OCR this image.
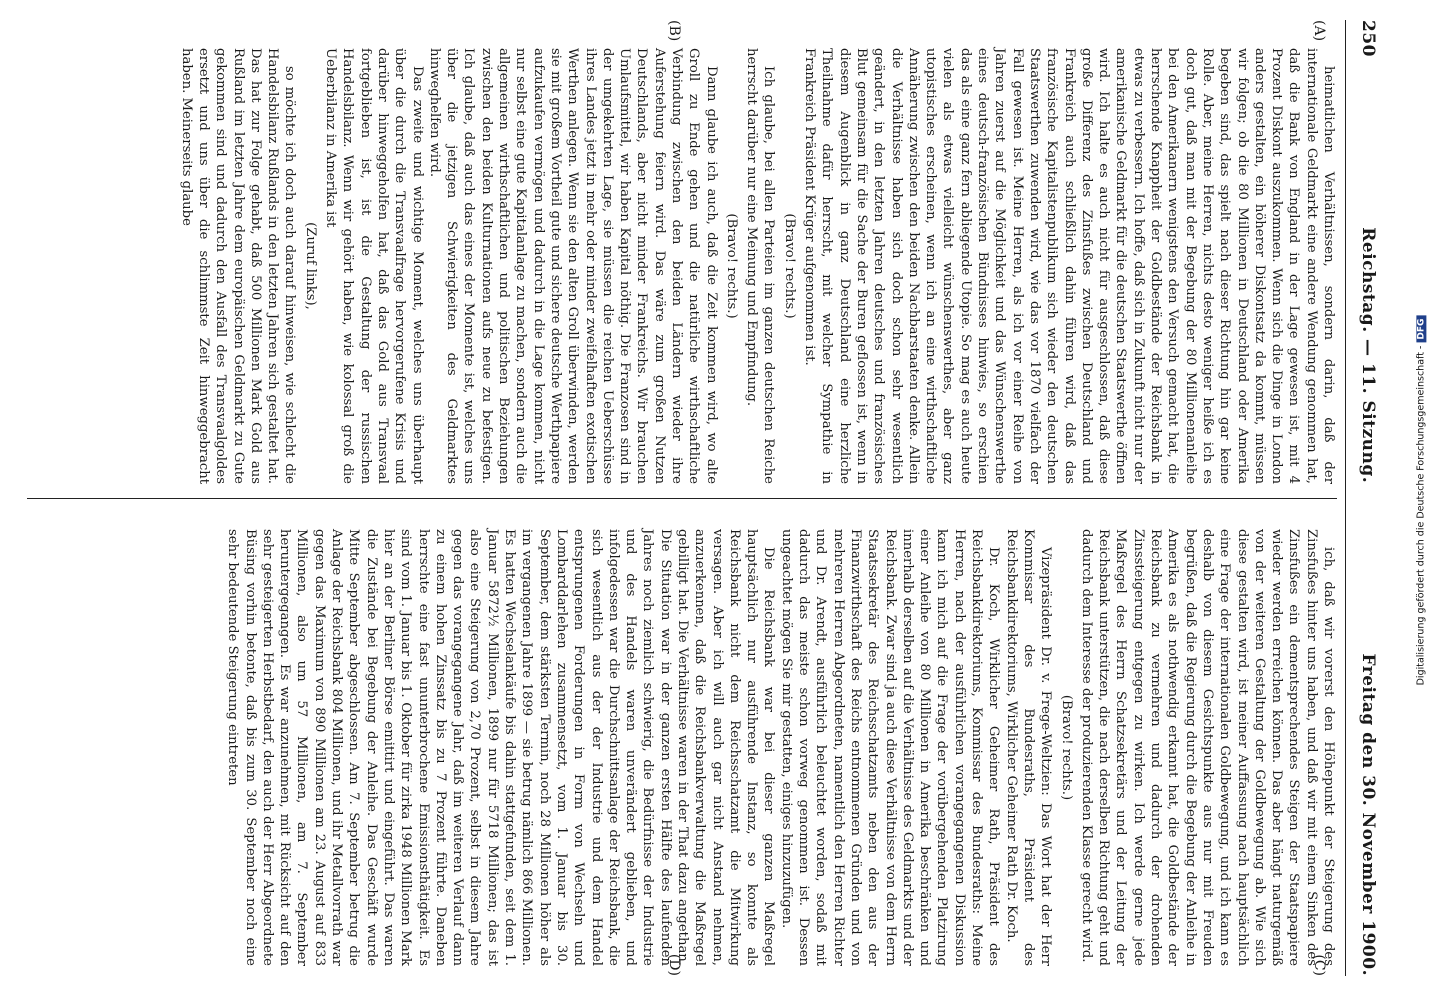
250
Reichstag. — 11. Sitzung.
Freitag den 30. November 1900.
(A)
(B)

heimatlichen Verhältnissen, sondern darin, daß der internationale Geldmarkt eine andere Wendung genommen hat, daß die Bank von England in der Lage gewesen ist, mit 4 Prozent Diskont auszukommen. Wenn sich die Dinge in London anders gestalten, ein höherer Diskontsatz da kommt, müssen wir folgen; ob die 80 Millionen in Deutschland oder Amerika begeben sind, das spielt nach dieser Richtung hin gar keine Rolle. Aber, meine Herren, nichts desto weniger heiße ich es doch gut, daß man mit der Begebung der 80 Millionenanleihe bei den Amerikanern wenigstens den Versuch gemacht hat, die herrschende Knappheit der Goldbestände der Reichsbank in etwas zu verbessern. Ich hoffe, daß sich in Zukunft nicht nur der amerikanische Geldmarkt für die deutschen Staatswerthe öffnen wird. Ich halte es auch nicht für ausgeschlossen, daß diese große Differenz des Zinsfußes zwischen Deutschland und Frankreich auch schließlich dahin führen wird, daß das französische Kapitalistenpublikum sich wieder den deutschen Staatswerthen zuwenden wird, wie das vor 1870 vielfach der Fall gewesen ist. Meine Herren, als ich vor einer Reihe von Jahren zuerst auf die Möglichkeit und das Wünschenswerthe eines deutsch-französischen Bündnisses hinwies, so erschien das als eine ganz fern abliegende Utopie. So mag es auch heute vielen als etwas vielleicht wünschenswerthes, aber ganz utopistisches erscheinen, wenn ich an eine wirthschaftliche Annäherung zwischen den beiden Nachbarstaaten denke. Allein die Verhältnisse haben sich doch schon sehr wesentlich geändert, in den letzten Jahren deutsches und französisches Blut gemeinsam für die Sache der Buren geflossen ist, wenn in diesem Augenblick in ganz Deutschland eine herzliche Theilnahme dafür herrscht, mit welcher Sympathie in Frankreich Präsident Krüger aufgenommen ist.

(Bravo! rechts.)

Ich glaube, bei allen Parteien im ganzen deutschen Reiche herrscht darüber nur eine Meinung und Empfindung.

(Bravo! rechts.)

Dann glaube ich auch, daß die Zeit kommen wird, wo alte Groll zu Ende gehen und die natürliche wirthschaftliche Verbindung zwischen den beiden Ländern wieder ihre Auferstehung feiern wird. Das wäre zum großen Nutzen Deutschlands, aber nicht minder Frankreichs. Wir brauchen Umlaufsmittel, wir haben Kapital nöthig. Die Franzosen sind in der umgekehrten Lage, sie müssen die reichen Ueberschüsse ihres Landes jetzt in mehr oder minder zweifelhaften exotischen Werthen anlegen. Wenn sie den alten Groll überwinden, werden sie mit großem Vortheil gute und sichere deutsche Werthpapiere aufzukaufen vermögen und dadurch in die Lage kommen, nicht nur selbst eine gute Kapitalanlage zu machen, sondern auch die allgemeinen wirthschaftlichen und politischen Beziehungen zwischen den beiden Kulturnationen aufs neue zu befestigen. Ich glaube, daß auch das eines der Momente ist, welches uns über die jetzigen Schwierigkeiten des Geldmarktes hinweghelfen wird.

Das zweite und wichtige Moment, welches uns überhaupt über die durch die Transvaalfrage hervorgerufene Krisis und darüber hinweggeholfen hat, daß das Gold aus Transvaal fortgeblieben ist, ist die Gestaltung der russischen Handelsbilanz. Wenn wir gehört haben, wie kolossal groß die Ueberbilanz in Amerika ist

(Zuruf links),

so möchte ich doch auch darauf hinweisen, wie schlecht die Handelsbilanz Rußlands in den letzten Jahren sich gestaltet hat. Das hat zur Folge gehabt, daß 500 Millionen Mark Gold aus Rußland im letzten Jahre dem europäischen Geldmarkt zu Gute gekommen sind und dadurch den Ausfall des Transvaalgoldes ersetzt und uns über die schlimmste Zeit hinweggebracht haben. Meinerseits glaube

(C)
(D)	ich, daß wir vorerst den Höhepunkt der Steigerung des Zinsfußes hinter uns haben, und daß wir mit einem Sinken des Zinsfußes ein dementsprechendes Steigen der Staatspapiere wieder werden erreichen können. Das aber hängt naturgemäß von der weiteren Gestaltung der Goldbewegung ab. Wie sich diese gestalten wird, ist meiner Auffassung nach hauptsächlich eine Frage der internationalen Goldbewegung, und ich kann es deshalb von diesem Gesichtspunkte aus nur mit Freuden begrüßen, daß die Regierung durch die Begebung der Anleihe in Amerika es als nothwendig erkannt hat, die Goldbestände der Reichsbank zu vermehren und dadurch der drohenden Zinssteigerung entgegen zu wirken. Ich werde gerne jede Maßregel des Herrn Schatzsekretärs und der Leitung der Reichsbank unterstützen, die nach derselben Richtung geht und dadurch dem Interesse der produzierenden Klasse gerecht wird.

(Bravo! rechts.)

Vizepräsident Dr. v. Frege-Weltzien: Das Wort hat der Herr Kommissar des Bundesraths, Präsident des Reichsbankdirektoriums, Wirklicher Geheimer Rath Dr. Koch.

Dr. Koch, Wirklicher Geheimer Rath, Präsident des Reichsbankdirektoriums, Kommissar des Bundesraths: Meine Herren, nach der ausführlichen vorangegangenen Diskussion kann ich mich auf die Frage der vorübergehenden Platzirung einer Anleihe von 80 Millionen in Amerika beschränken und innerhalb derselben auf die Verhältnisse des Geldmarkts und der Reichsbank. Zwar sind ja auch diese Verhältnisse von dem Herrn Staatssekretär des Reichsschatzamts neben den aus der Finanzwirthschaft des Reichs entnommenen Gründen und von mehreren Herren Abgeordneten, namentlich den Herren Richter und Dr. Arendt, ausführlich beleuchtet worden, sodaß mit dadurch das meiste schon vorweg genommen ist. Dessen ungeachtet mögen Sie mir gestatten, einiges hinzuzufügen.

Die Reichsbank war bei dieser ganzen Maßregel hauptsächlich nur ausführende Instanz, so konnte als Reichsbank nicht dem Reichsschatzamt die Mitwirkung versagen. Aber ich will auch gar nicht Anstand nehmen, anzuerkennen, daß die Reichsbankverwaltung die Maßregel gebilligt hat. Die Verhältnisse waren in der That dazu angethan. Die Situation war in der ganzen ersten Hälfte des laufenden Jahres noch ziemlich schwierig, die Bedürfnisse der Industrie und des Handels waren unverändert geblieben, und infolgedessen war die Durchschnittsanlage der Reichsbank, die sich wesentlich aus der der Industrie und dem Handel entsprungenen Forderungen in Form von Wechseln und Lombarddarlehen zusammensetzt, vom 1. Januar bis 30. September, dem stärksten Termin, noch 28 Millionen höher als im vergangenen Jahre 1899 — sie betrug nämlich 866 Millionen. Es hatten Wechselankäufe bis dahin stattgefunden, seit dem 1. Januar 5872½ Millionen, 1899 nur für 5718 Millionen; das ist also eine Steigerung von 2,70 Prozent, selbst in diesem Jahre gegen das vorangegangene Jahr, daß im weiteren Verlauf dann zu einem hohen Zinssatz bis zu 7 Prozent führte. Daneben herrschte eine fast ununterbrochene Emissionsthätigkeit. Es sind vom 1. Januar bis 1. Oktober für zirka 1948 Millionen Mark hier an der Berliner Börse emittirt und eingeführt. Das waren die Zustände bei Begebung der Anleihe. Das Geschäft wurde Mitte September abgeschlossen. Am 7. September betrug die Anlage der Reichsbank 804 Millionen, und ihr Metallvorrath war gegen das Maximum von 890 Millionen am 23. August auf 833 Millionen, also um 57 Millionen, am 7. September heruntergegangen. Es war anzunehmen, mit Rücksicht auf den sehr gesteigerten Herbstbedarf, den auch der Herr Abgeordnete Büsing vorhin betonte, daß bis zum 30. September noch eine sehr bedeutende Steigerung eintreten	Digitalisierung gefördert durch die Deutsche Forschungsgemeinschaft -DFG
